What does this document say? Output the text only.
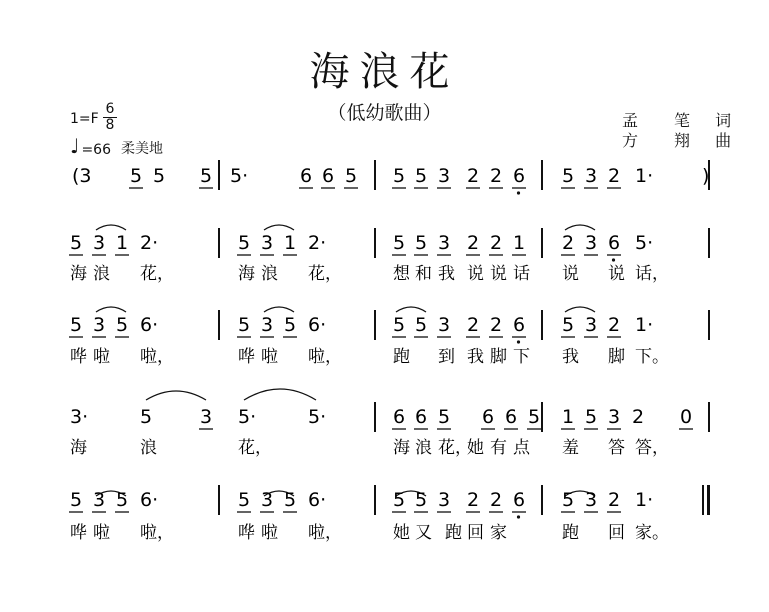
海浪花
（低幼歌曲）	孟　笔 词
方　翔 曲
1=F
6
8
♩ =66 柔美地
(3 5 5 5 5·	6 6 5 5 5 3 2 2 6 5 3 2 1·	)
5 3 1 2·	5 3 1 2·	5 5 3 2 2 1 2 3 6 5·
海 浪 花，	海 浪 花，	想 和 我 说 说 话 说 说 话，
5 3 5 6·	5 3 5 6·	5 5 3 2 2 6 5 3 2 1·
哗 啦 啦，	哗 啦 啦，	跑 到 我 脚 下 我 脚 下。
3·	5	3 5·	5·	6 6 5 6 6 5 1 5 3 2 0
海	浪	花，	海 浪 花，
她 有 点 羞 答 答，
5 3 5 6·	5 3 5 6·	5 5 3 2 2 6 5 3 2 1·
哗 啦 啦，	哗 啦 啦，	她 又 跑 回 家	跑 回 家。
